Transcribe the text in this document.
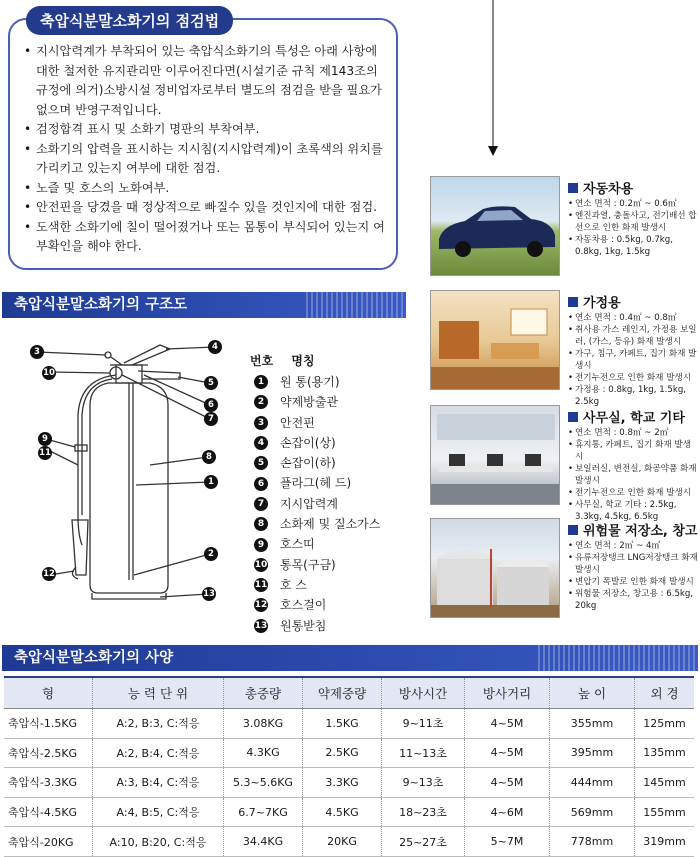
• 지시압력계가 부착되어 있는 축압식소화기의 특성은 아래 사항에 대한 철저한 유지관리만 이루어진다면(시설기준 규칙 제143조의 규정에 의거)소방시설 정비업자로부터 별도의 점검을 받을 필요가 없으며 반영구적입니다.
• 검정합격 표시 및 소화기 명판의 부착여부.
• 소화기의 압력을 표시하는 지시침(지시압력계)이 초록색의 위치를 가리키고 있는지 여부에 대한 점검.
• 노즐 및 호스의 노화여부.
• 안전핀을 당겼을 때 정상적으로 빠질수 있을 것인지에 대한 점검.
• 도색한 소화기에 칠이 떨어졌거나 또는 몸통이 부식되어 있는지 여부확인을 해야 한다.
축압식분말소화기의 점검법
축압식분말소화기의 구조도
3
10
9
11
12
4
5
6
7
8
1
2
13
번호 명칭
1	원 통(용기)
2	약제방출관
3	안전핀
4	손잡이(상)
5	손잡이(하)
6	플라그(헤 드)
7	지시압력계
8	소화제 및 질소가스
9	호스띠
10 통목(구금)
11 호 스
12 호스걸이
13 원통받침
자동차용
• 연소 면적 : 0.2㎡ ~ 0.6㎡
• 엔진과열, 충돌사고, 전기배선 합선으로 인한 화재 발생시
• 자동차용 : 0.5kg, 0.7kg, 0.8kg, 1kg, 1.5kg
가정용
• 연소 면적 : 0.4㎡ ~ 0.8㎡
• 취사용 가스 레인지, 가정용 보일러, (가스, 등유) 화재 발생시
• 가구, 침구, 카페트, 집기 화재 발생시
• 전기누전으로 인한 화재 발생시
• 가정용 : 0.8kg, 1kg, 1.5kg, 2.5kg
사무실, 학교 기타
• 연소 면적 : 0.8㎡ ~ 2㎡
• 휴지통, 카페트, 집기 화재 발생시
• 보일러실, 변전실, 화공약품 화재 발생시
• 전기누전으로 인한 화재 발생시
• 사무실, 학교 기타 : 2.5kg, 3.3kg, 4.5kg, 6.5kg
위험물 저장소, 창고
• 연소 면적 : 2㎡ ~ 4㎡
• 유류저장탱크 LNG저장탱크 화재 발생시
• 변압기 폭발로 인한 화재 발생시
• 위험물 저장소, 창고용 : 6.5kg, 20kg
축압식분말소화기의 사양
형	능 력 단 위	총중량	약제중량	방사시간	방사거리	높 이	외 경
축압식-1.5KG	A:2, B:3, C:적응	3.08KG	1.5KG	9~11초	4~5M	355mm	125mm
축압식-2.5KG	A:2, B:4, C:적응	4.3KG	2.5KG	11~13초	4~5M	395mm	135mm
축압식-3.3KG	A:3, B:4, C:적응	5.3~5.6KG	3.3KG	9~13초	4~5M	444mm	145mm
축압식-4.5KG	A:4, B:5, C:적응	6.7~7KG	4.5KG	18~23초	4~6M	569mm	155mm
축압식-20KG	A:10, B:20, C:적응	34.4KG	20KG	25~27초	5~7M	778mm	319mm
